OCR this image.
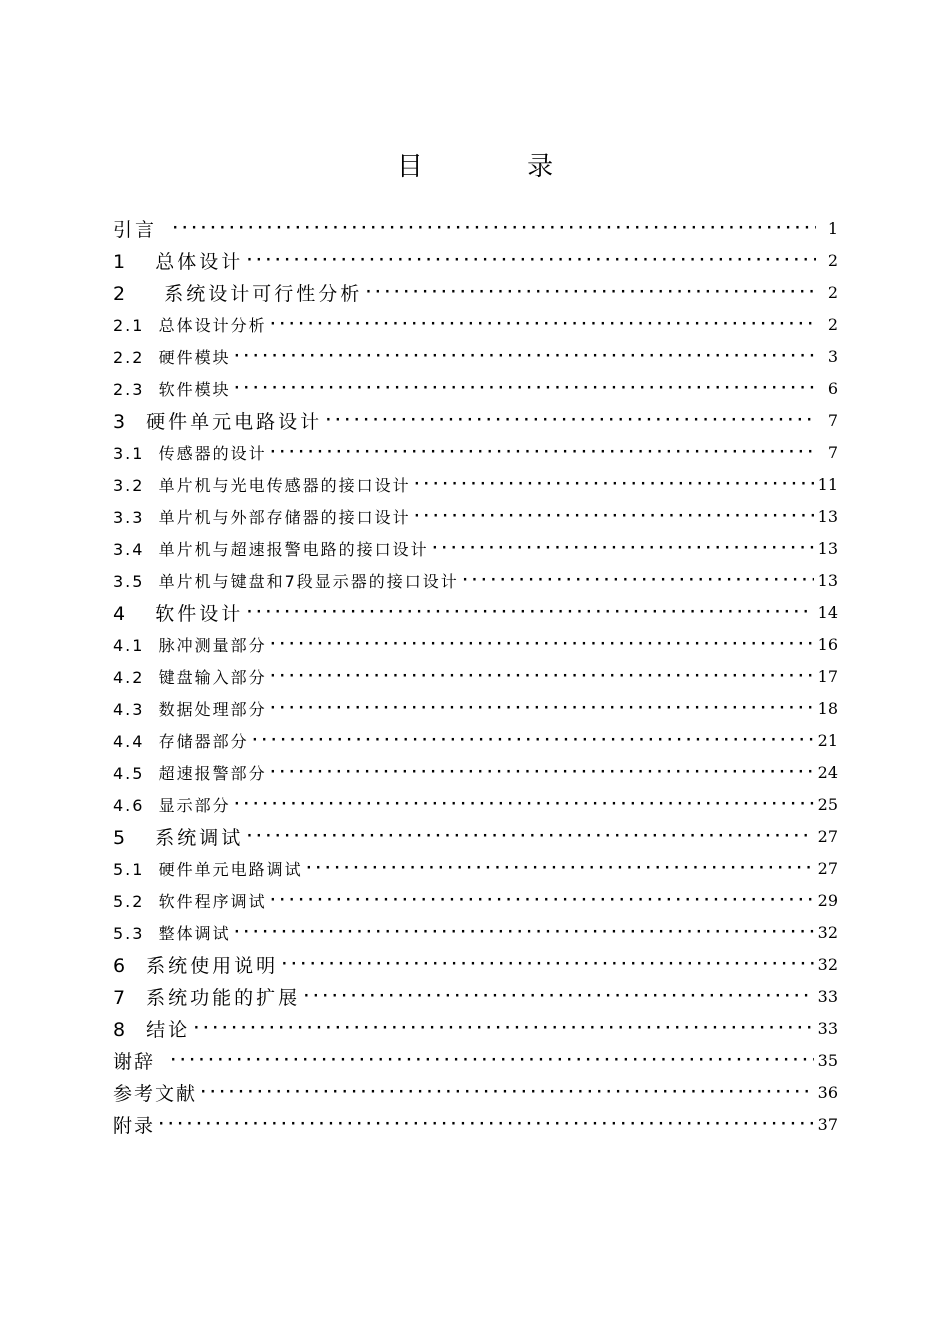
目 录
引言 ·····	1
1   总体设计 ·····	2
2    系统设计可行性分析 ·····	2
2.1  总体设计分析 ·····	2
2.2  硬件模块 ·····	3
2.3  软件模块 ·····	6
3  硬件单元电路设计 ·····	7
3.1  传感器的设计 ·····	7
3.2  单片机与光电传感器的接口设计 ·····	11
3.3  单片机与外部存储器的接口设计 ·····	13
3.4  单片机与超速报警电路的接口设计 ·····	13
3.5  单片机与键盘和7段显示器的接口设计 ·····	13
4   软件设计 ·····	14
4.1  脉冲测量部分 ·····	16
4.2  键盘输入部分 ·····	17
4.3  数据处理部分 ·····	18
4.4  存储器部分 ·····	21
4.5  超速报警部分 ·····	24
4.6  显示部分 ·····	25
5   系统调试 ·····	27
5.1  硬件单元电路调试 ·····	27
5.2  软件程序调试 ·····	29
5.3  整体调试 ·····	32
6  系统使用说明 ·····	32
7  系统功能的扩展 ·····	33
8  结论 ·····	33
谢辞 ·····	35
参考文献 ·····	36
附录 ·····	37
